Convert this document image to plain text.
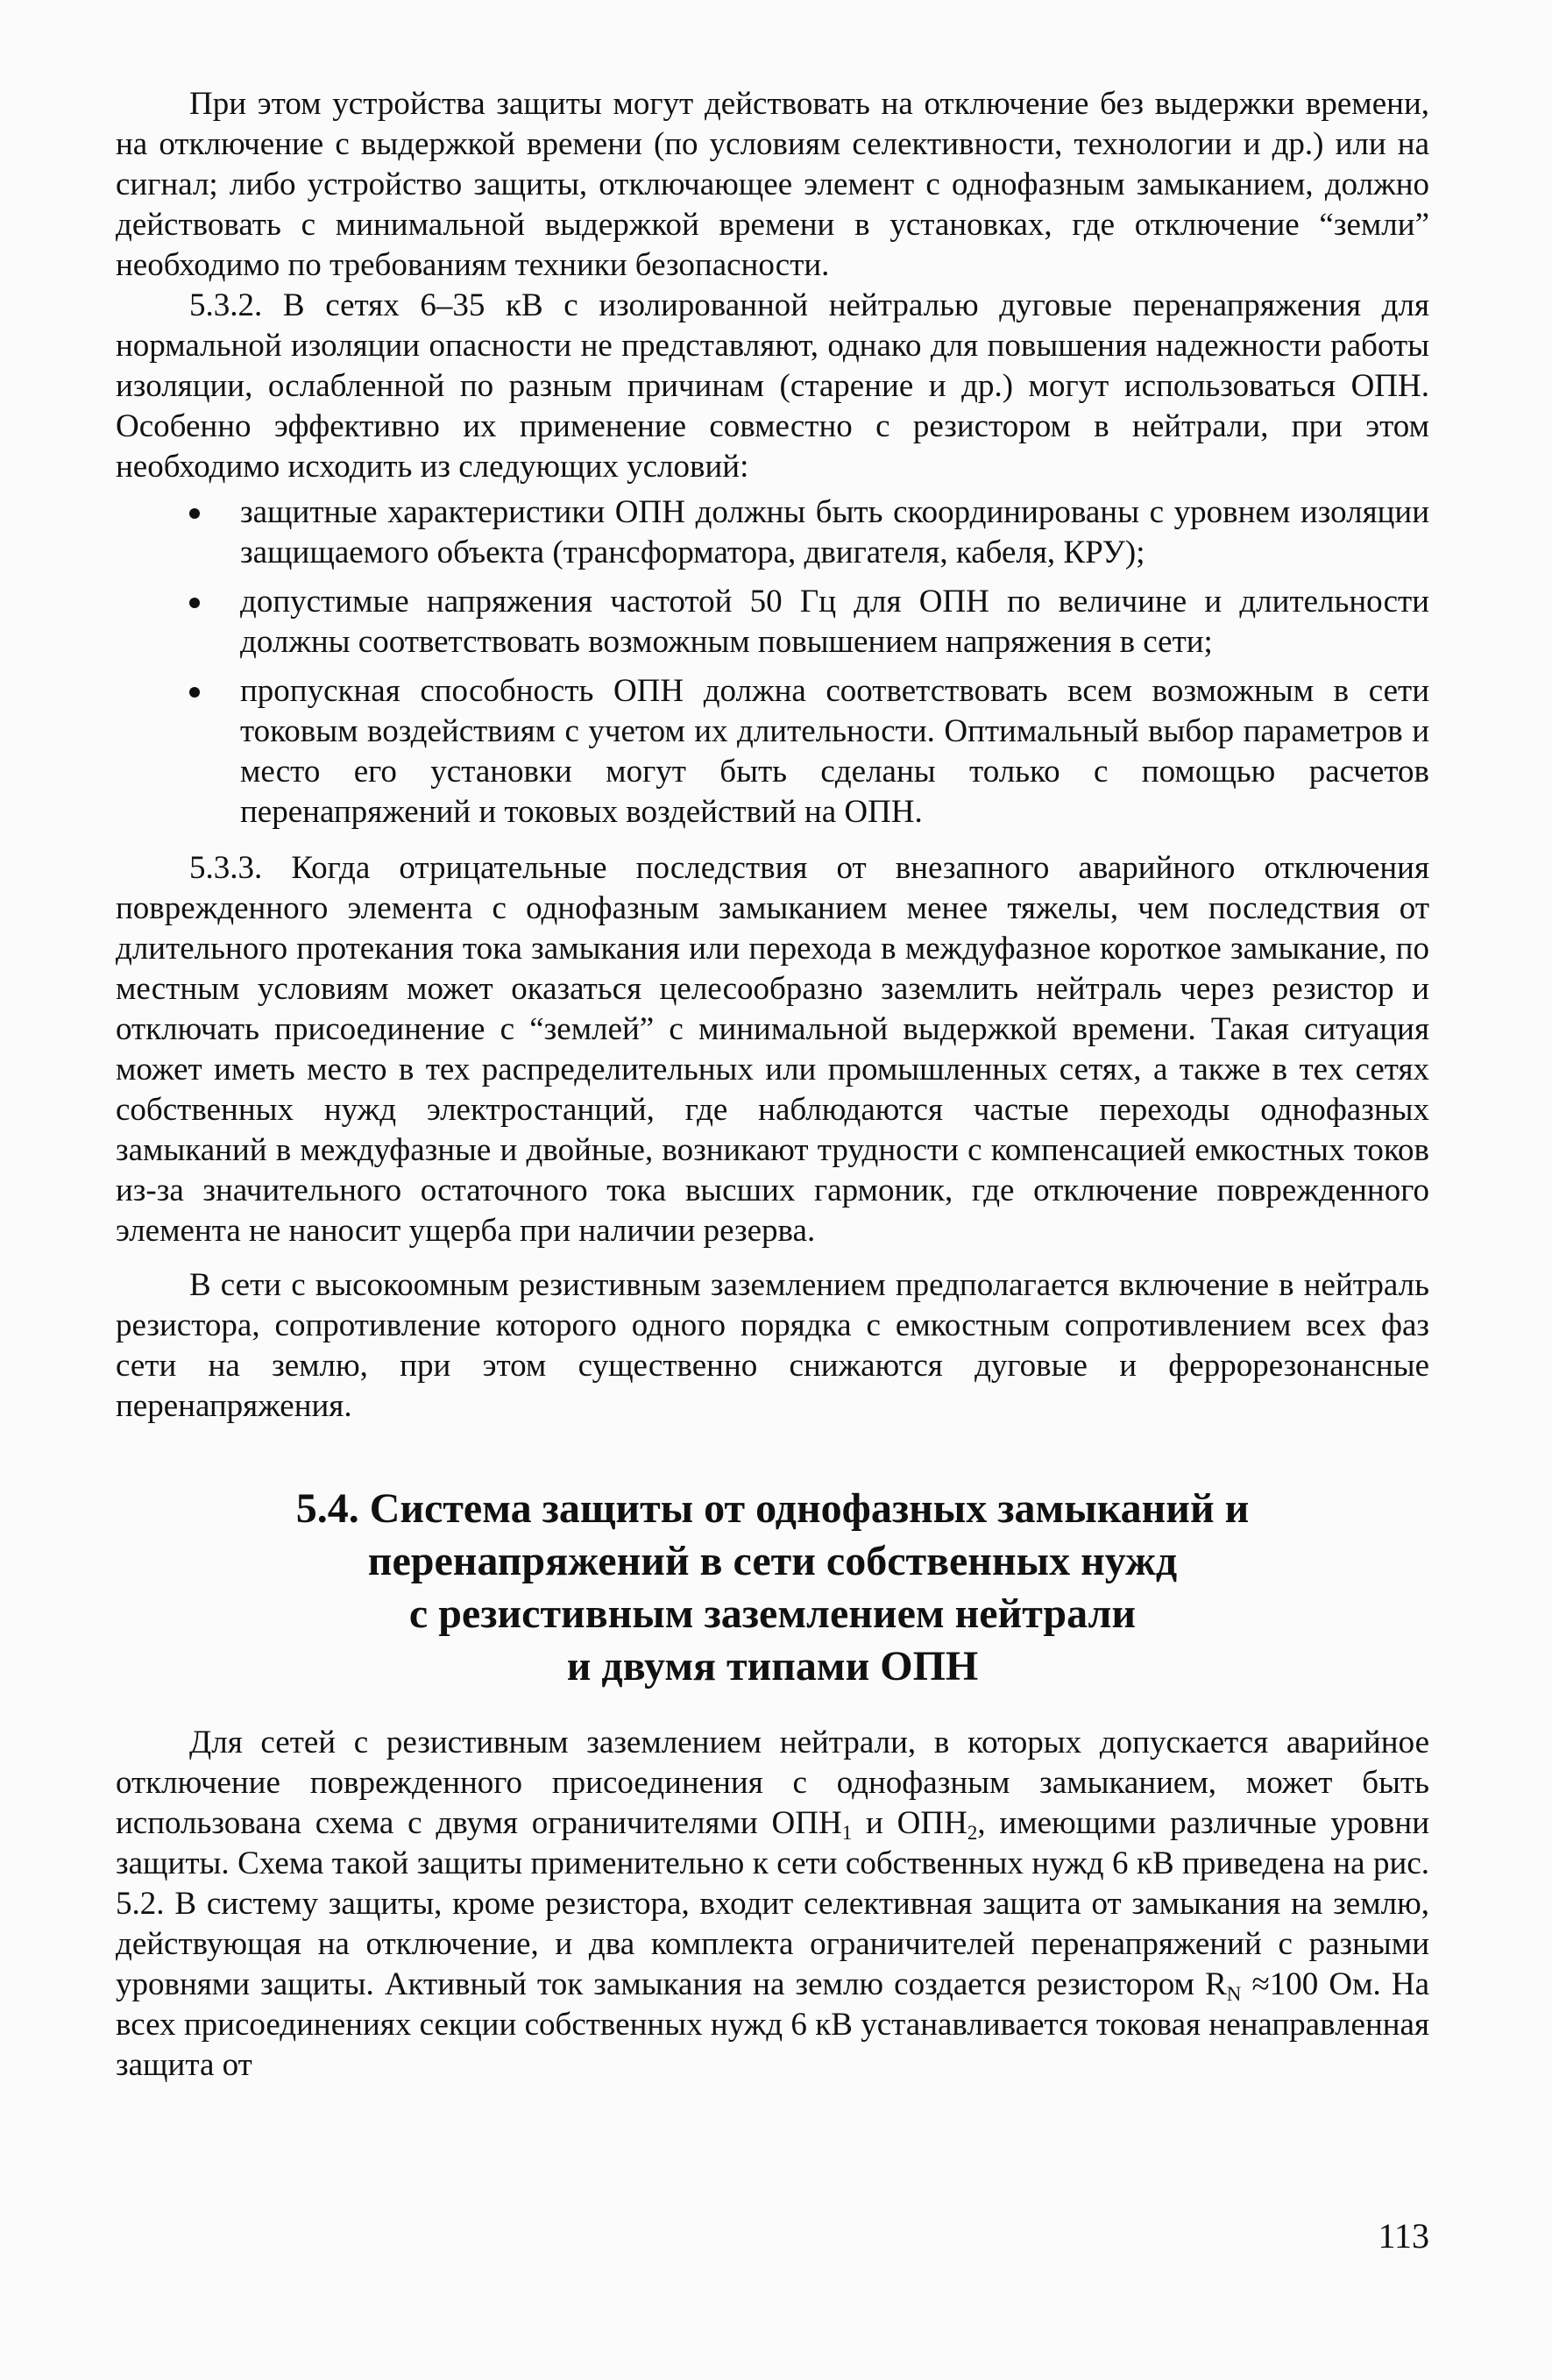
При этом устройства защиты могут действовать на отключение без выдержки времени, на отключение с выдержкой времени (по условиям селективности, технологии и др.) или на сигнал; либо устройство защиты, отключающее элемент с однофазным замыканием, должно действовать с минимальной выдержкой времени в установках, где отключение “земли” необходимо по требованиям техники безопасности.

5.3.2. В сетях 6–35 кВ с изолированной нейтралью дуговые перенапряжения для нормальной изоляции опасности не представляют, однако для повышения надежности работы изоляции, ослабленной по разным причинам (старение и др.) могут использоваться ОПН. Особенно эффективно их применение совместно с резистором в нейтрали, при этом необходимо исходить из следующих условий:

защитные характеристики ОПН должны быть скоординированы с уровнем изоляции защищаемого объекта (трансформатора, двигателя, кабеля, КРУ);
допустимые напряжения частотой 50 Гц для ОПН по величине и длительности должны соответствовать возможным повышением напряжения в сети;
пропускная способность ОПН должна соответствовать всем возможным в сети токовым воздействиям с учетом их длительности. Оптимальный выбор параметров и место его установки могут быть сделаны только с помощью расчетов перенапряжений и токовых воздействий на ОПН.

5.3.3. Когда отрицательные последствия от внезапного аварийного отключения поврежденного элемента с однофазным замыканием менее тяжелы, чем последствия от длительного протекания тока замыкания или перехода в междуфазное короткое замыкание, по местным условиям может оказаться целесообразно заземлить нейтраль через резистор и отключать присоединение с “землей” с минимальной выдержкой времени. Такая ситуация может иметь место в тех распределительных или промышленных сетях, а также в тех сетях собственных нужд электростанций, где наблюдаются частые переходы однофазных замыканий в междуфазные и двойные, возникают трудности с компенсацией емкостных токов из-за значительного остаточного тока высших гармоник, где отключение поврежденного элемента не наносит ущерба при наличии резерва.

В сети с высокоомным резистивным заземлением предполагается включение в нейтраль резистора, сопротивление которого одного порядка с емкостным сопротивлением всех фаз сети на землю, при этом существенно снижаются дуговые и феррорезонансные перенапряжения.

5.4. Система защиты от однофазных замыканий и
перенапряжений в сети собственных нужд
с резистивным заземлением нейтрали
и двумя типами ОПН

Для сетей с резистивным заземлением нейтрали, в которых допускается аварийное отключение поврежденного присоединения с однофазным замыканием, может быть использована схема с двумя ограничителями $ОПН_1$ и $ОПН_2$, имеющими различные уровни защиты. Схема такой защиты применительно к сети собственных нужд 6 кВ приведена на рис. 5.2. В систему защиты, кроме резистора, входит селективная защита от замыкания на землю, действующая на отключение, и два комплекта ограничителей перенапряжений с разными уровнями защиты. Активный ток замыкания на землю создается резистором $R_N \approx 100$ Ом. На всех присоединениях секции собственных нужд 6 кВ устанавливается токовая ненаправленная защита от

113
